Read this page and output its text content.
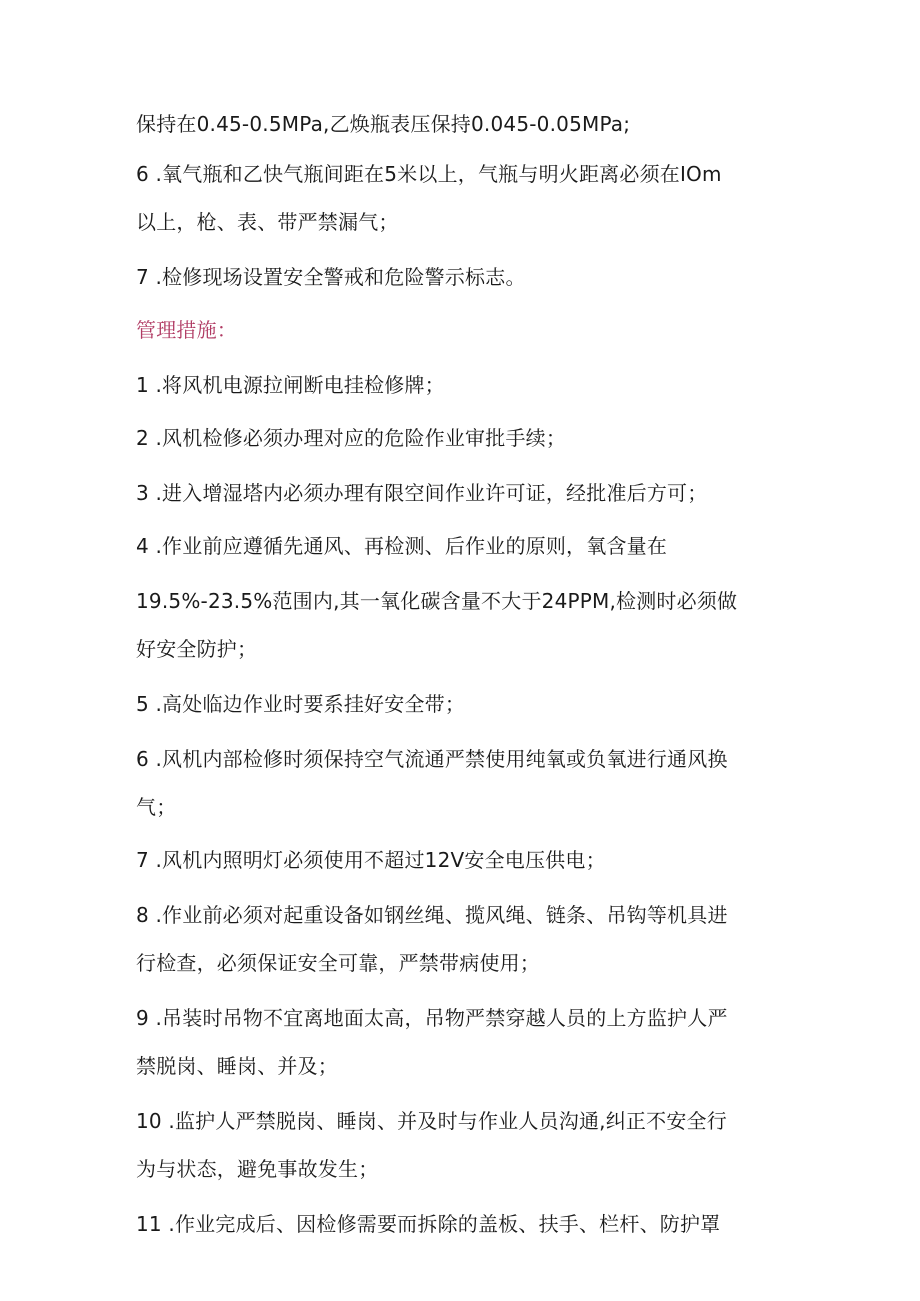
保持在0.45-0.5MPa,乙焕瓶表压保持0.045-0.05MPa;
6 .氧气瓶和乙快气瓶间距在5米以上，气瓶与明火距离必须在IOm
以上，枪、表、带严禁漏气；
7 .检修现场设置安全警戒和危险警示标志。
管理措施：
1 .将风机电源拉闸断电挂检修牌；
2 .风机检修必须办理对应的危险作业审批手续；
3 .进入增湿塔内必须办理有限空间作业许可证，经批准后方可；
4 .作业前应遵循先通风、再检测、后作业的原则，氧含量在
19.5%-23.5%范围内,其一氧化碳含量不大于24PPM,检测时必须做
好安全防护；
5 .高处临边作业时要系挂好安全带；
6 .风机内部检修时须保持空气流通严禁使用纯氧或负氧进行通风换
气；
7 .风机内照明灯必须使用不超过12V安全电压供电；
8 .作业前必须对起重设备如钢丝绳、揽风绳、链条、吊钩等机具进
行检查，必须保证安全可靠，严禁带病使用；
9 .吊装时吊物不宜离地面太高，吊物严禁穿越人员的上方监护人严
禁脱岗、睡岗、并及；
10 .监护人严禁脱岗、睡岗、并及时与作业人员沟通,纠正不安全行
为与状态，避免事故发生；
11 .作业完成后、因检修需要而拆除的盖板、扶手、栏杆、防护罩
